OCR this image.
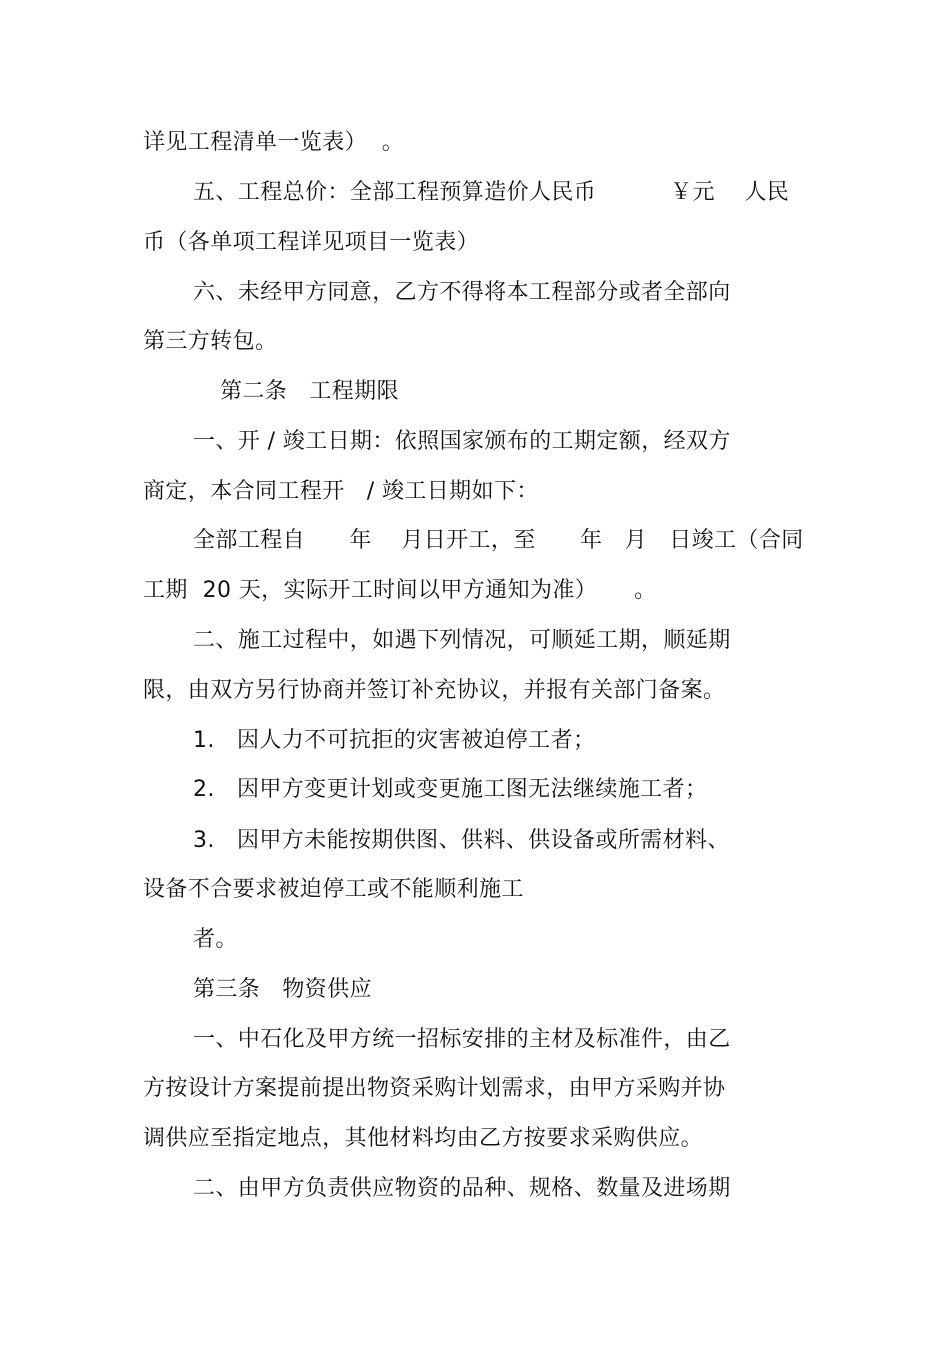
详见工程清单一览表）  。
五、工程总价：全部工程预算造价人民币          ￥元    人民
币（各单项工程详见项目一览表）
六、未经甲方同意，乙方不得将本工程部分或者全部向
第三方转包。
第二条   工程期限
一、开 / 竣工日期：依照国家颁布的工期定额，经双方
商定，本合同工程开   / 竣工日期如下：
全部工程自      年    月日开工，至      年   月   日竣工（合同
工期  20 天，实际开工时间以甲方通知为准）     。
二、施工过程中，如遇下列情况，可顺延工期，顺延期
限，由双方另行协商并签订补充协议，并报有关部门备案。
1.   因人力不可抗拒的灾害被迫停工者；
2.   因甲方变更计划或变更施工图无法继续施工者；
3.   因甲方未能按期供图、供料、供设备或所需材料、
设备不合要求被迫停工或不能顺利施工
者。
第三条   物资供应
一、中石化及甲方统一招标安排的主材及标准件，由乙
方按设计方案提前提出物资采购计划需求，由甲方采购并协
调供应至指定地点，其他材料均由乙方按要求采购供应。
二、由甲方负责供应物资的品种、规格、数量及进场期
